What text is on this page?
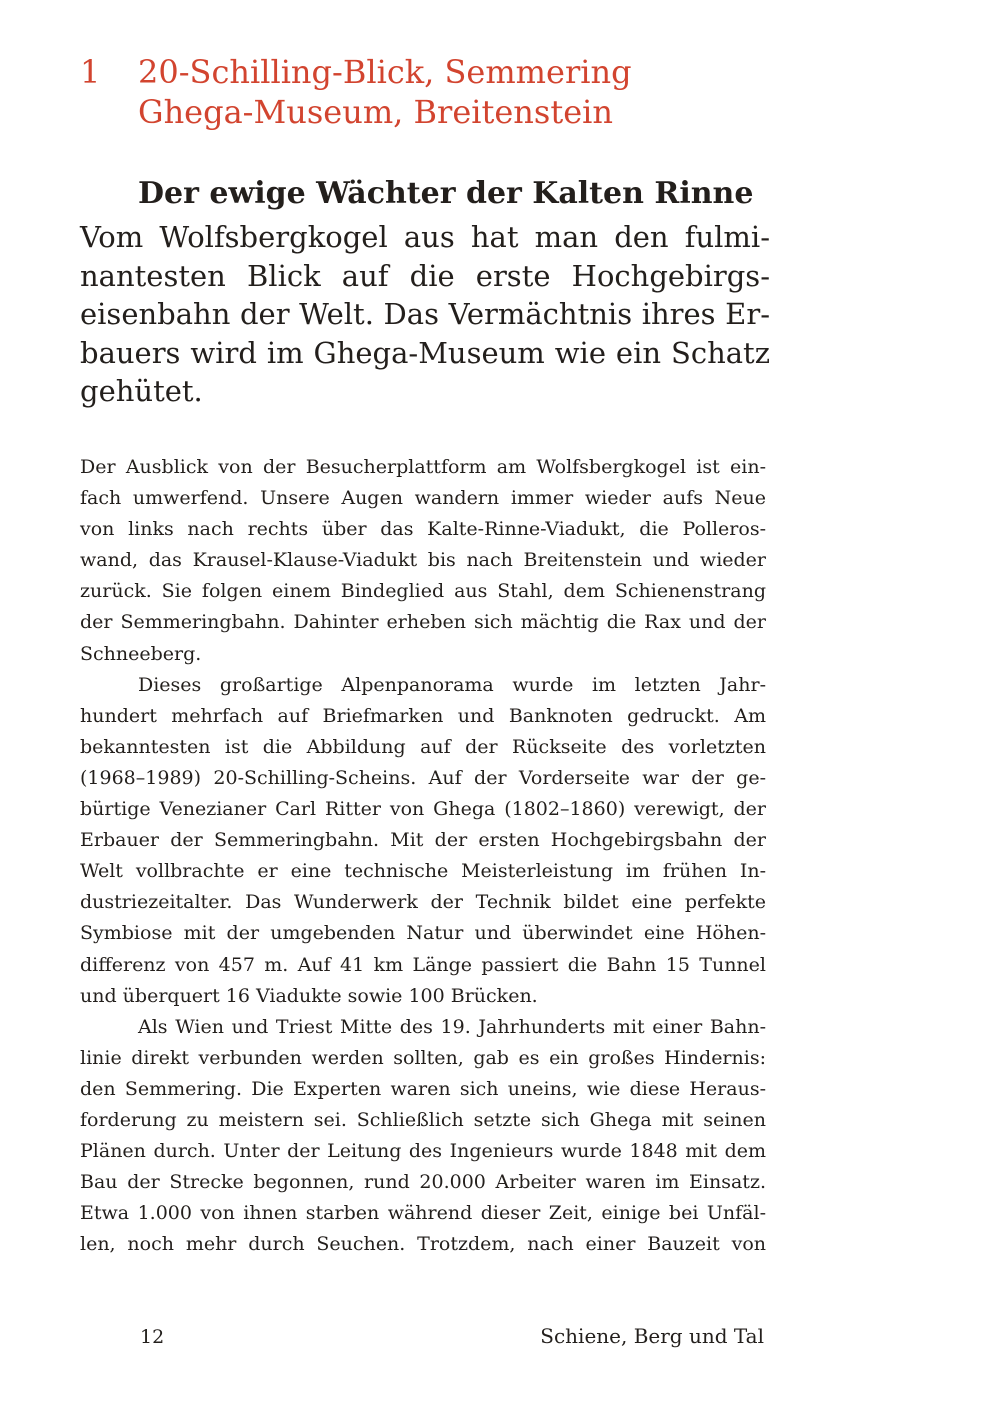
1 20-Schilling-Blick, Semmering
Ghega-Museum, Breitenstein
Der ewige Wächter der Kalten Rinne
Vom Wolfsbergkogel aus hat man den fulmi-
nantesten Blick auf die erste Hochgebirgs-
eisenbahn der Welt. Das Vermächtnis ihres Er-
bauers wird im Ghega-Museum wie ein Schatz
gehütet.
Der Ausblick von der Besucherplattform am Wolfsbergkogel ist ein-
fach umwerfend. Unsere Augen wandern immer wieder aufs Neue
von links nach rechts über das Kalte-Rinne-Viadukt, die Polleros-
wand, das Krausel-Klause-Viadukt bis nach Breitenstein und wieder
zurück. Sie folgen einem Bindeglied aus Stahl, dem Schienenstrang
der Semmeringbahn. Dahinter erheben sich mächtig die Rax und der
Schneeberg.
Dieses großartige Alpenpanorama wurde im letzten Jahr-
hundert mehrfach auf Briefmarken und Banknoten gedruckt. Am
bekanntesten ist die Abbildung auf der Rückseite des vorletzten
(1968–1989) 20-Schilling-Scheins. Auf der Vorderseite war der ge-
bürtige Venezianer Carl Ritter von Ghega (1802–1860) verewigt, der
Erbauer der Semmeringbahn. Mit der ersten Hochgebirgsbahn der
Welt vollbrachte er eine technische Meisterleistung im frühen In-
dustriezeitalter. Das Wunderwerk der Technik bildet eine perfekte
Symbiose mit der umgebenden Natur und überwindet eine Höhen-
differenz von 457 m. Auf 41 km Länge passiert die Bahn 15 Tunnel
und überquert 16 Viadukte sowie 100 Brücken.
Als Wien und Triest Mitte des 19. Jahrhunderts mit einer Bahn-
linie direkt verbunden werden sollten, gab es ein großes Hindernis:
den Semmering. Die Experten waren sich uneins, wie diese Heraus-
forderung zu meistern sei. Schließlich setzte sich Ghega mit seinen
Plänen durch. Unter der Leitung des Ingenieurs wurde 1848 mit dem
Bau der Strecke begonnen, rund 20.000 Arbeiter waren im Einsatz.
Etwa 1.000 von ihnen starben während dieser Zeit, einige bei Unfäl-
len, noch mehr durch Seuchen. Trotzdem, nach einer Bauzeit von
12	Schiene, Berg und Tal
